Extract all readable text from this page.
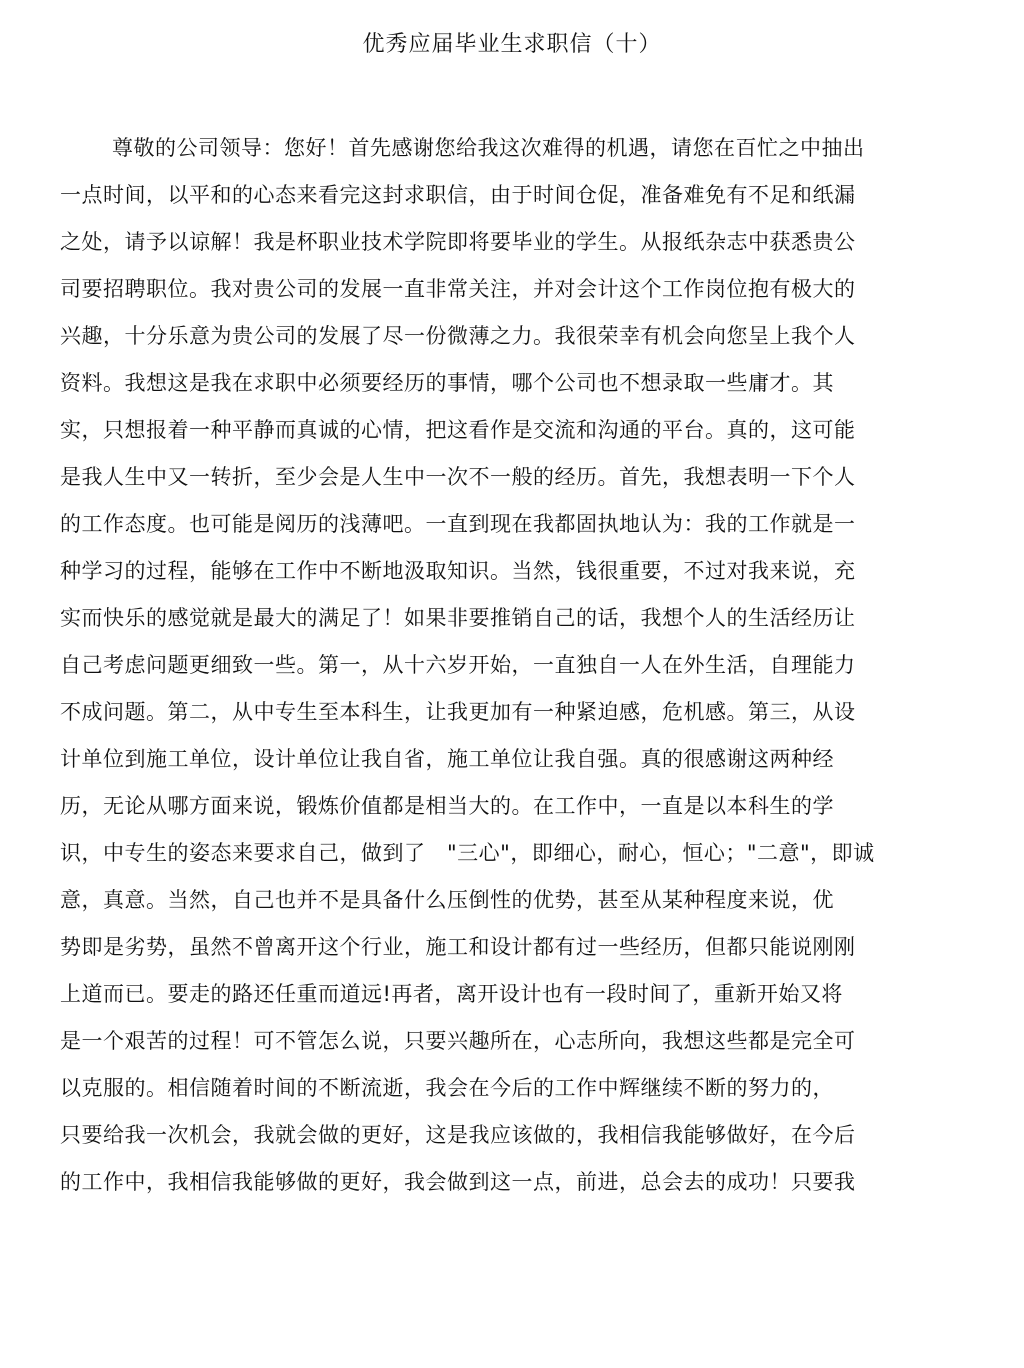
优秀应届毕业生求职信（十）
尊敬的公司领导：您好！首先感谢您给我这次难得的机遇，请您在百忙之中抽出
一点时间，以平和的心态来看完这封求职信，由于时间仓促，准备难免有不足和纸漏
之处，请予以谅解！我是杯职业技术学院即将要毕业的学生。从报纸杂志中获悉贵公
司要招聘职位。我对贵公司的发展一直非常关注，并对会计这个工作岗位抱有极大的
兴趣，十分乐意为贵公司的发展了尽一份微薄之力。我很荣幸有机会向您呈上我个人
资料。我想这是我在求职中必须要经历的事情，哪个公司也不想录取一些庸才。其
实，只想报着一种平静而真诚的心情，把这看作是交流和沟通的平台。真的，这可能
是我人生中又一转折，至少会是人生中一次不一般的经历。首先，我想表明一下个人
的工作态度。也可能是阅历的浅薄吧。一直到现在我都固执地认为：我的工作就是一
种学习的过程，能够在工作中不断地汲取知识。当然，钱很重要，不过对我来说，充
实而快乐的感觉就是最大的满足了！如果非要推销自己的话，我想个人的生活经历让
自己考虑问题更细致一些。第一，从十六岁开始，一直独自一人在外生活，自理能力
不成问题。第二，从中专生至本科生，让我更加有一种紧迫感，危机感。第三，从设
计单位到施工单位，设计单位让我自省，施工单位让我自强。真的很感谢这两种经
历，无论从哪方面来说，锻炼价值都是相当大的。在工作中，一直是以本科生的学
识，中专生的姿态来要求自己，做到了   "三心"，即细心，耐心，恒心；"二意"，即诚
意，真意。当然，自己也并不是具备什么压倒性的优势，甚至从某种程度来说，优
势即是劣势，虽然不曾离开这个行业，施工和设计都有过一些经历，但都只能说刚刚
上道而已。要走的路还任重而道远!再者，离开设计也有一段时间了，重新开始又将
是一个艰苦的过程！可不管怎么说，只要兴趣所在，心志所向，我想这些都是完全可
以克服的。相信随着时间的不断流逝，我会在今后的工作中辉继续不断的努力的，
只要给我一次机会，我就会做的更好，这是我应该做的，我相信我能够做好，在今后
的工作中，我相信我能够做的更好，我会做到这一点，前进，总会去的成功！只要我
